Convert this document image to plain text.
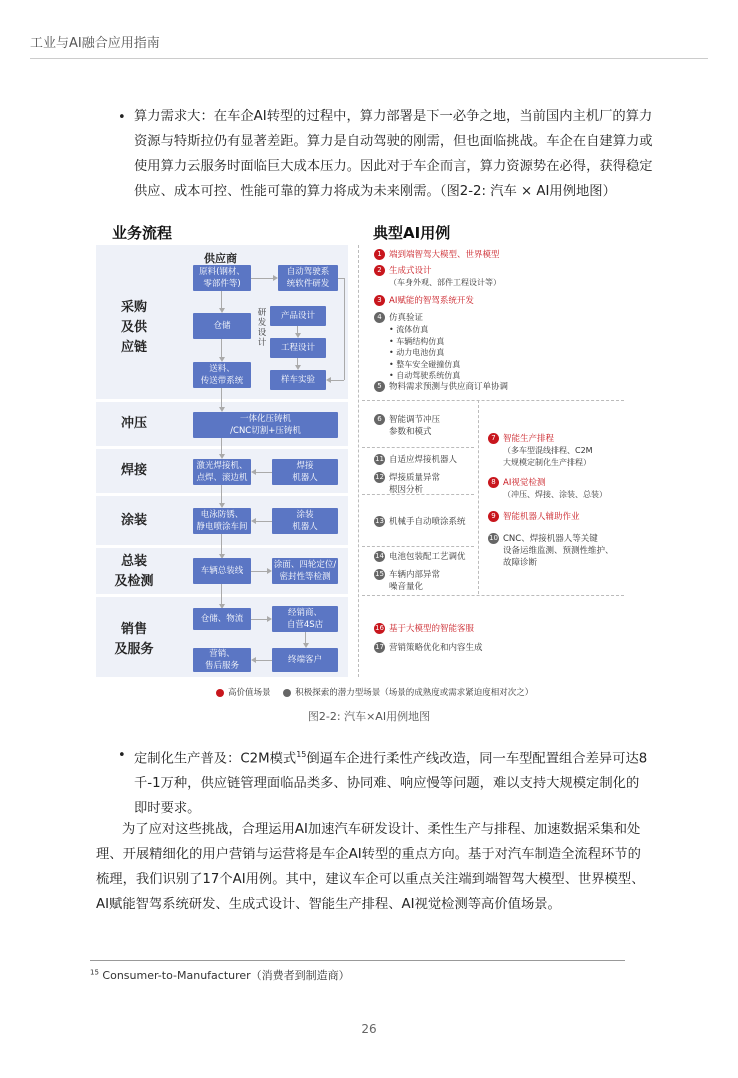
工业与AI融合应用指南
• 算力需求大：在车企AI转型的过程中，算力部署是下一必争之地，当前国内主机厂的算力
资源与特斯拉仍有显著差距。算力是自动驾驶的刚需，但也面临挑战。车企在自建算力或
使用算力云服务时面临巨大成本压力。因此对于车企而言，算力资源势在必得，获得稳定
供应、成本可控、性能可靠的算力将成为未来刚需。（图2-2: 汽车 × AI用例地图）
业务流程	典型AI用例
采购
及供
应链
冲压
焊接
涂装
总装
及检测
销售
及服务
供应商
原料(钢材、
零部件等)
自动驾驶系
统软件研发
仓储
研
发
设
计
产品设计
工程设计
送料、
传送带系统	样车实验
一体化压铸机
/CNC切割+压铸机
激光焊接机、
点焊、滚边机
焊接
机器人
电泳防锈、
静电喷涂车间
涂装
机器人
车辆总装线
涂面、四轮定位/
密封性等检测
仓储、物流
经销商、
自营4S店
营销、
售后服务
终端客户
1 端到端智驾大模型、世界模型
2 生成式设计
（车身外观、部件工程设计等）
3 AI赋能的智驾系统开发
4 仿真验证
• 流体仿真
• 车辆结构仿真
• 动力电池仿真
• 整车安全碰撞仿真
• 自动驾驶系统仿真
5 物料需求预测与供应商订单协调
6 智能调节冲压
参数和模式
7 智能生产排程
（多车型混线排程、C2M
大规模定制化生产排程）
11 自适应焊接机器人
12 焊接质量异常
根因分析
8 AI视觉检测
（冲压、焊接、涂装、总装）
13 机械手自动喷涂系统
9 智能机器人辅助作业
10 CNC、焊接机器人等关键
设备运维监测、预测性维护、
故障诊断
14 电池包装配工艺调优
15 车辆内部异常
噪音量化
16 基于大模型的智能客服
17 营销策略优化和内容生成
高价值场景	积极探索的潜力型场景（场景的成熟度或需求紧迫度相对次之）
图2-2: 汽车×AI用例地图
• 定制化生产普及：C2M模式$^{15}$倒逼车企进行柔性产线改造，同一车型配置组合差异可达8
千-1万种，供应链管理面临品类多、协同难、响应慢等问题，难以支持大规模定制化的
即时要求。
为了应对这些挑战，合理运用AI加速汽车研发设计、柔性生产与排程、加速数据采集和处
理、开展精细化的用户营销与运营将是车企AI转型的重点方向。基于对汽车制造全流程环节的
梳理，我们识别了17个AI用例。其中，建议车企可以重点关注端到端智驾大模型、世界模型、
AI赋能智驾系统研发、生成式设计、智能生产排程、AI视觉检测等高价值场景。
$^{15}$ Consumer-to-Manufacturer（消费者到制造商）
26
